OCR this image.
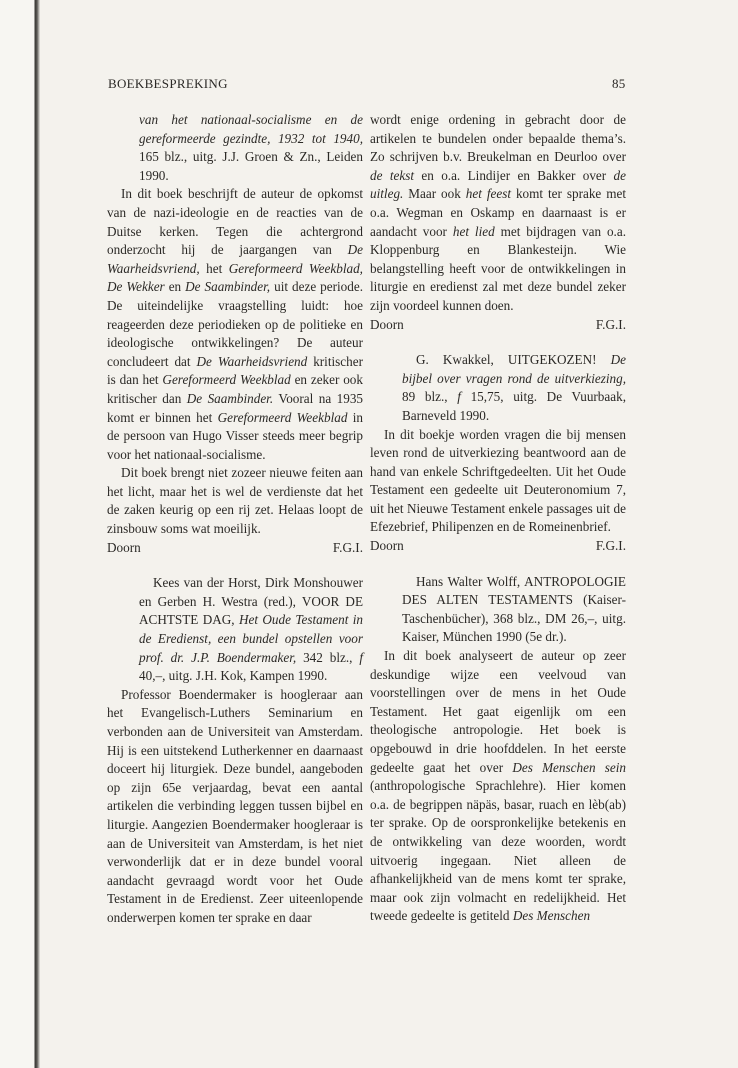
BOEKBESPREKING	85

van het nationaal-socialisme en de gereformeerde gezindte, 1932 tot 1940, 165 blz., uitg. J.J. Groen & Zn., Leiden 1990.

In dit boek beschrijft de auteur de opkomst van de nazi-ideologie en de reacties van de Duitse kerken. Tegen die achtergrond onderzocht hij de jaargangen van De Waarheidsvriend, het Gereformeerd Weekblad, De Wekker en De Saambinder, uit deze periode. De uiteindelijke vraagstelling luidt: hoe reageerden deze periodieken op de politieke en ideologische ontwikkelingen? De auteur concludeert dat De Waarheidsvriend kritischer is dan het Gereformeerd Weekblad en zeker ook kritischer dan De Saambinder. Vooral na 1935 komt er binnen het Gereformeerd Weekblad in de persoon van Hugo Visser steeds meer begrip voor het nationaal-socialisme.

Dit boek brengt niet zozeer nieuwe feiten aan het licht, maar het is wel de verdienste dat het de zaken keurig op een rij zet. Helaas loopt de zinsbouw soms wat moeilijk.

Doorn	F.G.I.

Kees van der Horst, Dirk Monshouwer en Gerben H. Westra (red.), VOOR DE ACHTSTE DAG, Het Oude Testament in de Eredienst, een bundel opstellen voor prof. dr. J.P. Boendermaker, 342 blz., f 40,–, uitg. J.H. Kok, Kampen 1990.

Professor Boendermaker is hoogleraar aan het Evangelisch-Luthers Seminarium en verbonden aan de Universiteit van Amsterdam. Hij is een uitstekend Lutherkenner en daarnaast doceert hij liturgiek. Deze bundel, aangeboden op zijn 65e verjaardag, bevat een aantal artikelen die verbinding leggen tussen bijbel en liturgie. Aangezien Boendermaker hoogleraar is aan de Universiteit van Amsterdam, is het niet verwonderlijk dat er in deze bundel vooral aandacht gevraagd wordt voor het Oude Testament in de Eredienst. Zeer uiteenlopende onderwerpen komen ter sprake en daar

wordt enige ordening in gebracht door de artikelen te bundelen onder bepaalde thema’s. Zo schrijven b.v. Breukelman en Deurloo over de tekst en o.a. Lindijer en Bakker over de uitleg. Maar ook het feest komt ter sprake met o.a. Wegman en Oskamp en daarnaast is er aandacht voor het lied met bijdragen van o.a. Kloppenburg en Blankesteijn. Wie belangstelling heeft voor de ontwikkelingen in liturgie en eredienst zal met deze bundel zeker zijn voordeel kunnen doen.

Doorn	F.G.I.

G. Kwakkel, UITGEKOZEN! De bijbel over vragen rond de uitverkiezing, 89 blz., f 15,75, uitg. De Vuurbaak, Barneveld 1990.

In dit boekje worden vragen die bij mensen leven rond de uitverkiezing beantwoord aan de hand van enkele Schriftgedeelten. Uit het Oude Testament een gedeelte uit Deuteronomium 7, uit het Nieuwe Testament enkele passages uit de Efezebrief, Philipenzen en de Romeinenbrief.

Doorn	F.G.I.

Hans Walter Wolff, ANTROPOLOGIE DES ALTEN TESTAMENTS (Kaiser-Taschenbücher), 368 blz., DM 26,–, uitg. Kaiser, München 1990 (5e dr.).

In dit boek analyseert de auteur op zeer deskundige wijze een veelvoud van voorstellingen over de mens in het Oude Testament. Het gaat eigenlijk om een theologische antropologie. Het boek is opgebouwd in drie hoofddelen. In het eerste gedeelte gaat het over Des Menschen sein (anthropologische Sprachlehre). Hier komen o.a. de begrippen näpäs, basar, ruach en lèb(ab) ter sprake. Op de oorspronkelijke betekenis en de ontwikkeling van deze woorden, wordt uitvoerig ingegaan. Niet alleen de afhankelijkheid van de mens komt ter sprake, maar ook zijn volmacht en redelijkheid. Het tweede gedeelte is getiteld Des Menschen
